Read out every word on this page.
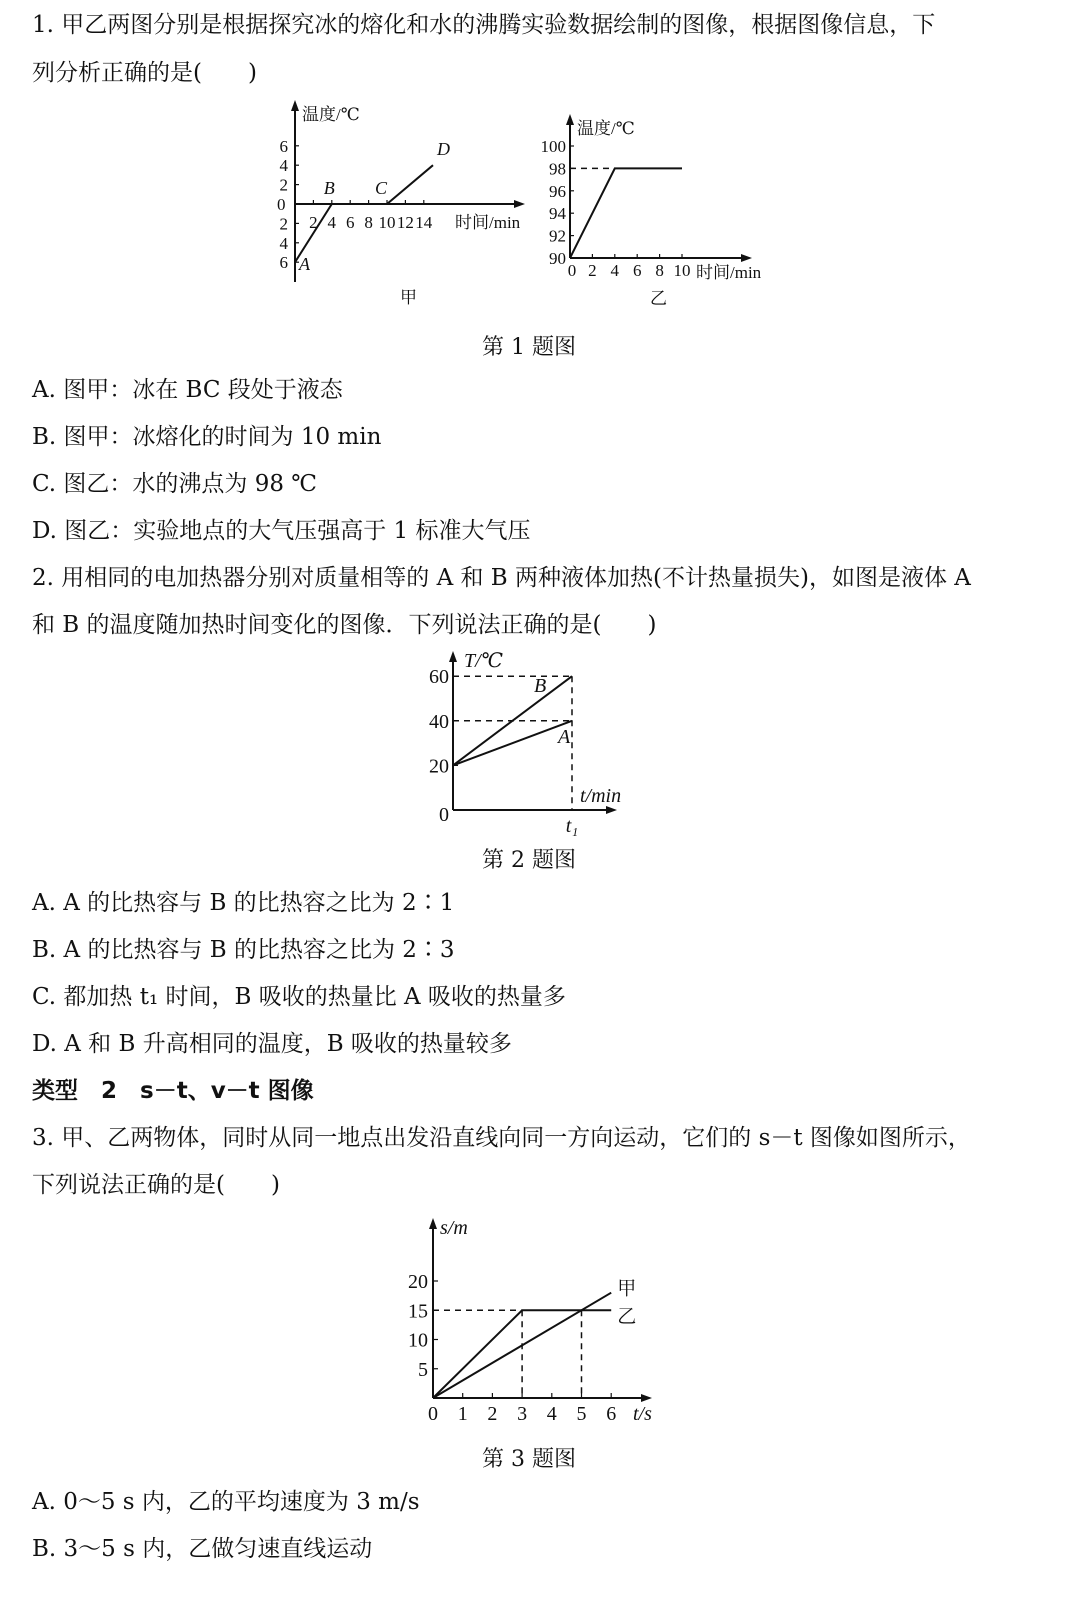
1. 甲乙两图分别是根据探究冰的熔化和水的沸腾实验数据绘制的图像，根据图像信息，下
列分析正确的是(　　)
温度/℃
时间/min
0
2 4 6 8 10 12 14
2
4
6
2
4
6 A
B C
D
甲
温度/℃
时间/min
0 2 4 6 8 10
90
92
94
96
98
100
乙
第 1 题图
A. 图甲：冰在 BC 段处于液态
B. 图甲：冰熔化的时间为 10 min
C. 图乙：水的沸点为 98 ℃
D. 图乙：实验地点的大气压强高于 1 标准大气压
2. 用相同的电加热器分别对质量相等的 A 和 B 两种液体加热(不计热量损失)，如图是液体 A
和 B 的温度随加热时间变化的图像．下列说法正确的是(　　)
T/℃
t/min
0
20
40
60
t₁
A
B
第 2 题图
A. A 的比热容与 B 的比热容之比为 2∶1
B. A 的比热容与 B 的比热容之比为 2∶3
C. 都加热 t₁ 时间，B 吸收的热量比 A 吸收的热量多
D. A 和 B 升高相同的温度，B 吸收的热量较多
类型　2　s－t、v－t 图像
3. 甲、乙两物体，同时从同一地点出发沿直线向同一方向运动，它们的 s－t 图像如图所示，
下列说法正确的是(　　)
s/m
t/s
0 1 2 3 4 5 6
5
10
15
20	甲
乙
第 3 题图
A. 0～5 s 内，乙的平均速度为 3 m/s
B. 3～5 s 内，乙做匀速直线运动
